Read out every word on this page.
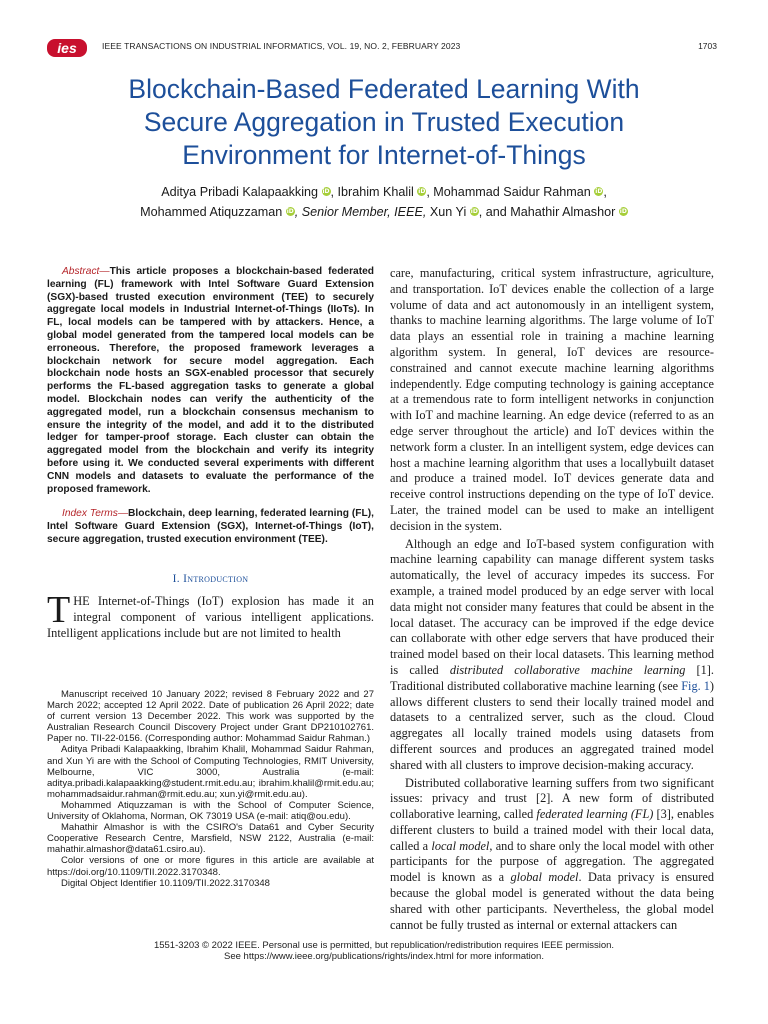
ies	IEEE TRANSACTIONS ON INDUSTRIAL INFORMATICS, VOL. 19, NO. 2, FEBRUARY 2023	1703
Blockchain-Based Federated Learning With
Secure Aggregation in Trusted Execution
Environment for Internet-of-Things
Aditya Pribadi Kalapaakking iD, Ibrahim Khalil iD, Mohammad Saidur Rahman iD,
Mohammed Atiquzzaman iD, Senior Member, IEEE, Xun Yi iD, and Mahathir Almashor iD

Abstract—This article proposes a blockchain-based federated learning (FL) framework with Intel Software Guard Extension (SGX)-based trusted execution environment (TEE) to securely aggregate local models in Industrial Internet-of-Things (IIoTs). In FL, local models can be tampered with by attackers. Hence, a global model generated from the tampered local models can be erroneous. Therefore, the proposed framework leverages a blockchain network for secure model aggregation. Each blockchain node hosts an SGX-enabled processor that securely performs the FL-based aggregation tasks to generate a global model. Blockchain nodes can verify the authenticity of the aggregated model, run a blockchain consensus mechanism to ensure the integrity of the model, and add it to the distributed ledger for tamper-proof storage. Each cluster can obtain the aggregated model from the blockchain and verify its integrity before using it. We conducted several experiments with different CNN models and datasets to evaluate the performance of the proposed framework.

Index Terms—Blockchain, deep learning, federated learning (FL), Intel Software Guard Extension (SGX), Internet-of-Things (IoT), secure aggregation, trusted execution environment (TEE).

I. Introduction
THE Internet-of-Things (IoT) explosion has made it an integral component of various intelligent applications. Intelligent applications include but are not limited to health

Manuscript received 10 January 2022; revised 8 February 2022 and 27 March 2022; accepted 12 April 2022. Date of publication 26 April 2022; date of current version 13 December 2022. This work was supported by the Australian Research Council Discovery Project under Grant DP210102761. Paper no. TII-22-0156. (Corresponding author: Mohammad Saidur Rahman.)

Aditya Pribadi Kalapaakking, Ibrahim Khalil, Mohammad Saidur Rahman, and Xun Yi are with the School of Computing Technologies, RMIT University, Melbourne, VIC 3000, Australia (e-mail: aditya.pribadi.kalapaakking@student.rmit.edu.au; ibrahim.khalil@rmit.edu.au; mohammadsaidur.rahman@rmit.edu.au; xun.yi@rmit.edu.au).

Mohammed Atiquzzaman is with the School of Computer Science, University of Oklahoma, Norman, OK 73019 USA (e-mail: atiq@ou.edu).

Mahathir Almashor is with the CSIRO's Data61 and Cyber Security Cooperative Research Centre, Marsfield, NSW 2122, Australia (e-mail: mahathir.almashor@data61.csiro.au).

Color versions of one or more figures in this article are available at https://doi.org/10.1109/TII.2022.3170348.

Digital Object Identifier 10.1109/TII.2022.3170348

care, manufacturing, critical system infrastructure, agriculture, and transportation. IoT devices enable the collection of a large volume of data and act autonomously in an intelligent system, thanks to machine learning algorithms. The large volume of IoT data plays an essential role in training a machine learning algorithm system. In general, IoT devices are resource-constrained and cannot execute machine learning algorithms independently. Edge computing technology is gaining acceptance at a tremendous rate to form intelligent networks in conjunction with IoT and machine learning. An edge device (referred to as an edge server throughout the article) and IoT devices within the network form a cluster. In an intelligent system, edge devices can host a machine learning algorithm that uses a locallybuilt dataset and produce a trained model. IoT devices generate data and receive control instructions depending on the type of IoT device. Later, the trained model can be used to make an intelligent decision in the system.

Although an edge and IoT-based system configuration with machine learning capability can manage different system tasks automatically, the level of accuracy impedes its success. For example, a trained model produced by an edge server with local data might not consider many features that could be absent in the local dataset. The accuracy can be improved if the edge device can collaborate with other edge servers that have produced their trained model based on their local datasets. This learning method is called distributed collaborative machine learning [1]. Traditional distributed collaborative machine learning (see Fig. 1) allows different clusters to send their locally trained model and datasets to a centralized server, such as the cloud. Cloud aggregates all locally trained models using datasets from different sources and produces an aggregated trained model shared with all clusters to improve decision-making accuracy.

Distributed collaborative learning suffers from two significant issues: privacy and trust [2]. A new form of distributed collaborative learning, called federated learning (FL) [3], enables different clusters to build a trained model with their local data, called a local model, and to share only the local model with other participants for the purpose of aggregation. The aggregated model is known as a global model. Data privacy is ensured because the global model is generated without the data being shared with other participants. Nevertheless, the global model cannot be fully trusted as internal or external attackers can

1551-3203 © 2022 IEEE. Personal use is permitted, but republication/redistribution requires IEEE permission.
See https://www.ieee.org/publications/rights/index.html for more information.
